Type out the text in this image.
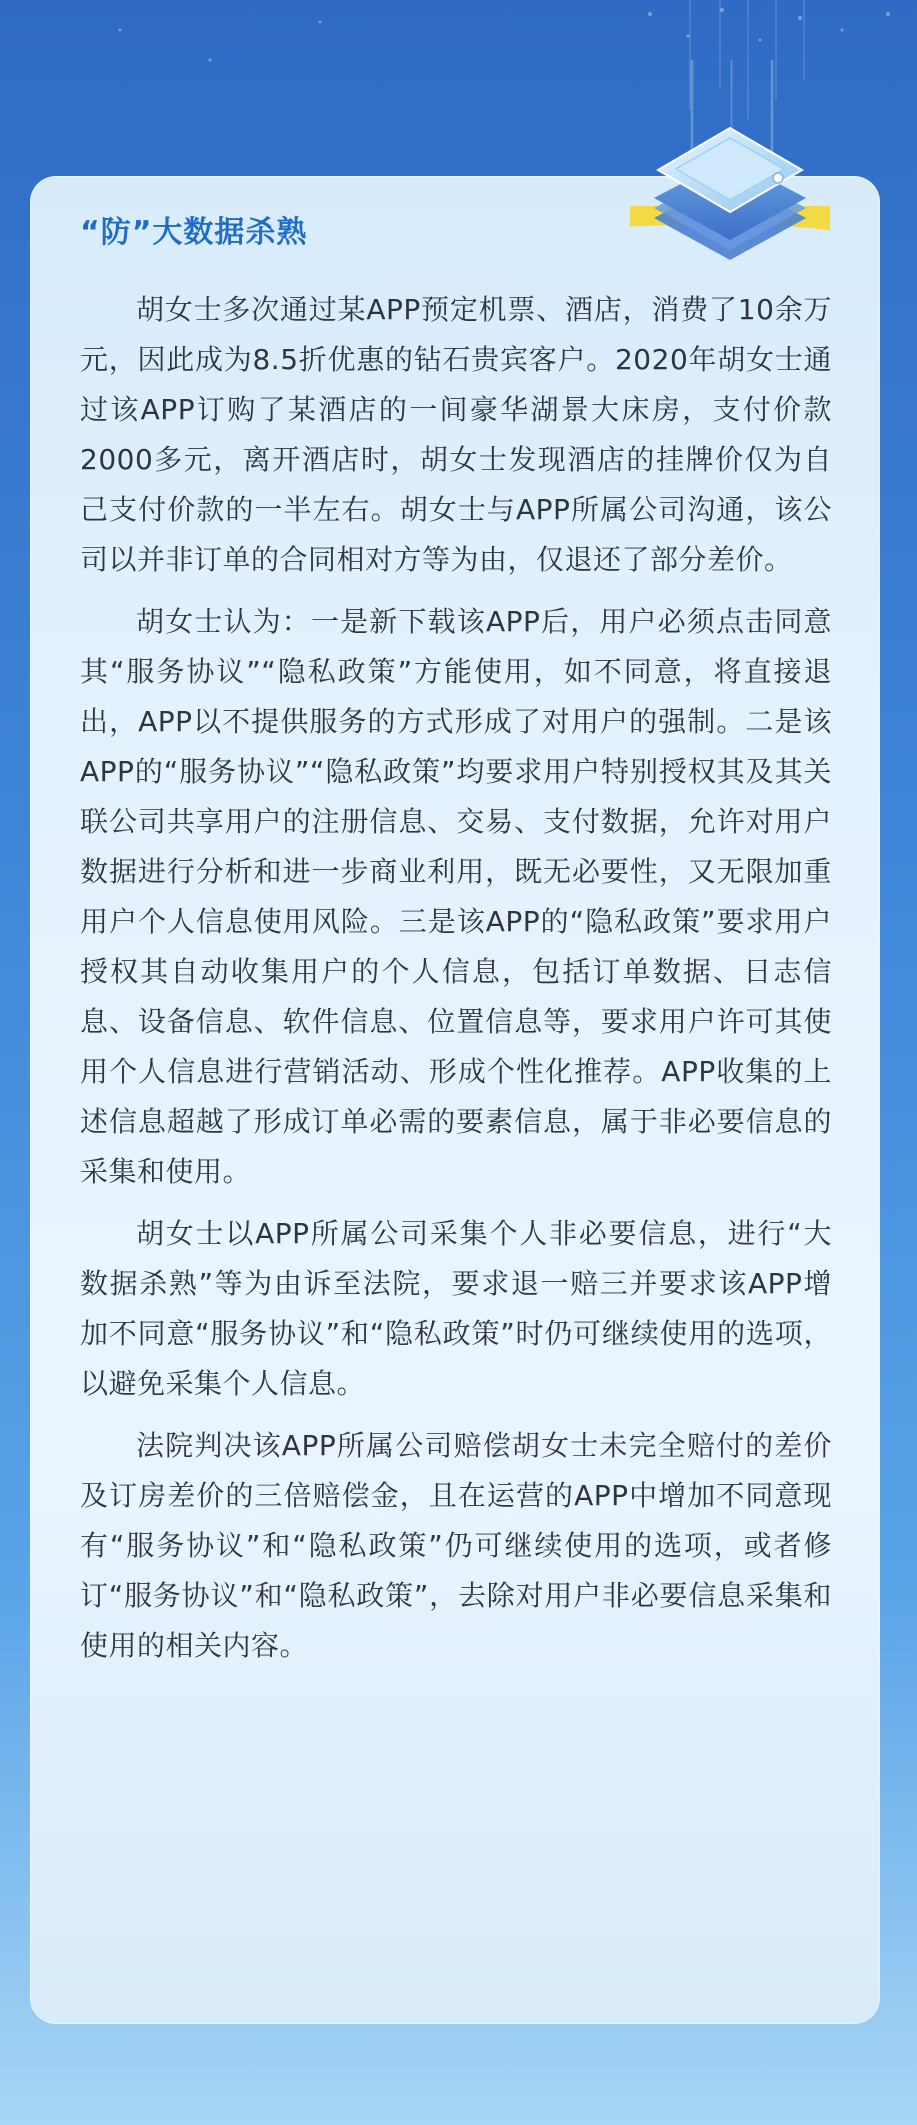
“防”大数据杀熟

胡女士多次通过某APP预定机票、酒店，消费了10余万元，因此成为8.5折优惠的钻石贵宾客户。2020年胡女士通过该APP订购了某酒店的一间豪华湖景大床房，支付价款2000多元，离开酒店时，胡女士发现酒店的挂牌价仅为自己支付价款的一半左右。胡女士与APP所属公司沟通，该公司以并非订单的合同相对方等为由，仅退还了部分差价。

胡女士认为：一是新下载该APP后，用户必须点击同意其“服务协议”“隐私政策”方能使用，如不同意，将直接退出，APP以不提供服务的方式形成了对用户的强制。二是该APP的“服务协议”“隐私政策”均要求用户特别授权其及其关联公司共享用户的注册信息、交易、支付数据，允许对用户数据进行分析和进一步商业利用，既无必要性，又无限加重用户个人信息使用风险。三是该APP的“隐私政策”要求用户授权其自动收集用户的个人信息，包括订单数据、日志信息、设备信息、软件信息、位置信息等，要求用户许可其使用个人信息进行营销活动、形成个性化推荐。APP收集的上述信息超越了形成订单必需的要素信息，属于非必要信息的采集和使用。

胡女士以APP所属公司采集个人非必要信息，进行“大数据杀熟”等为由诉至法院，要求退一赔三并要求该APP增加不同意“服务协议”和“隐私政策”时仍可继续使用的选项，以避免采集个人信息。

法院判决该APP所属公司赔偿胡女士未完全赔付的差价及订房差价的三倍赔偿金，且在运营的APP中增加不同意现有“服务协议”和“隐私政策”仍可继续使用的选项，或者修订“服务协议”和“隐私政策”，去除对用户非必要信息采集和使用的相关内容。
